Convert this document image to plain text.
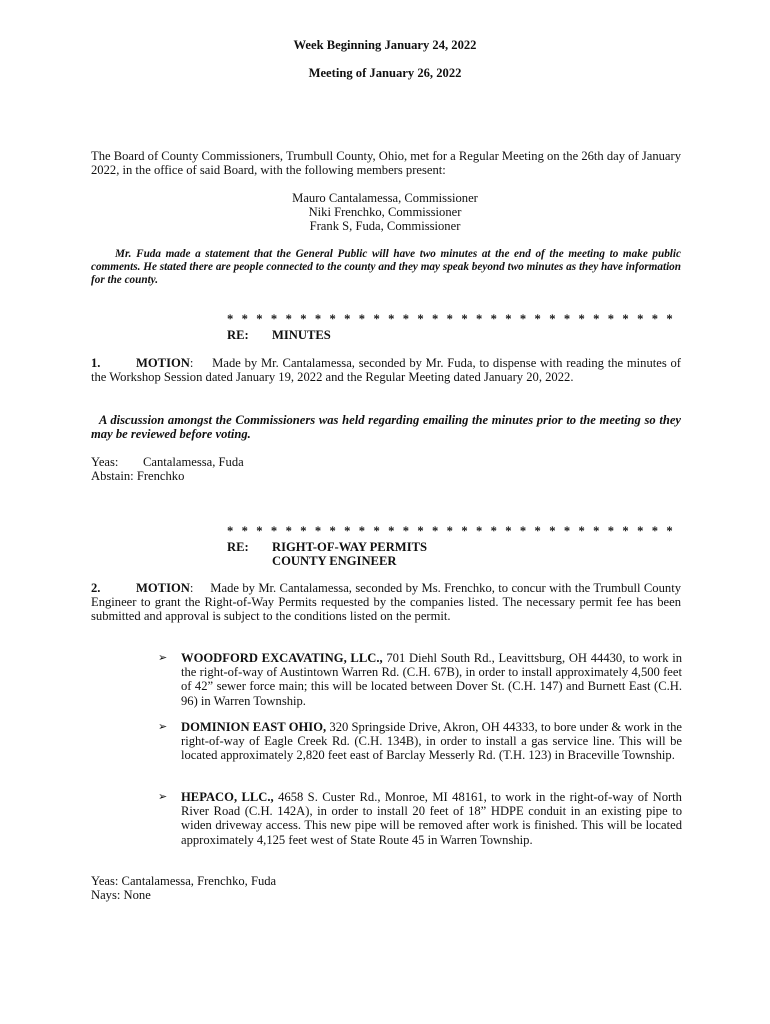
Week Beginning January 24, 2022
Meeting of January 26, 2022
The Board of County Commissioners, Trumbull County, Ohio, met for a Regular Meeting on the 26th day of January 2022, in the office of said Board, with the following members present:
Mauro Cantalamessa, Commissioner
Niki Frenchko, Commissioner
Frank S, Fuda, Commissioner
Mr. Fuda made a statement that the General Public will have two minutes at the end of the meeting to make public comments. He stated there are people connected to the county and they may speak beyond two minutes as they have information for the county.
* * * * * * * * * * * * * * * * * * * * * * * * * * * * * * *
RE: MINUTES
1.	MOTION:     Made by Mr. Cantalamessa, seconded by Mr. Fuda, to dispense with reading the minutes of the Workshop Session dated January 19, 2022 and the Regular Meeting dated January 20, 2022.
A discussion amongst the Commissioners was held regarding emailing the minutes prior to the meeting so they may be reviewed before voting.
Yeas: Cantalamessa, Fuda
Abstain: Frenchko
* * * * * * * * * * * * * * * * * * * * * * * * * * * * * * *
RE: RIGHT-OF-WAY PERMITS
COUNTY ENGINEER
2.	MOTION:     Made by Mr. Cantalamessa, seconded by Ms. Frenchko, to concur with the Trumbull County Engineer to grant the Right-of-Way Permits requested by the companies listed. The necessary permit fee has been submitted and approval is subject to the conditions listed on the permit.
➢	WOODFORD EXCAVATING, LLC., 701 Diehl South Rd., Leavittsburg, OH 44430, to work in the right-of-way of Austintown Warren Rd. (C.H. 67B), in order to install approximately 4,500 feet of 42” sewer force main; this will be located between Dover St. (C.H. 147) and Burnett East (C.H. 96) in Warren Township.
➢	DOMINION EAST OHIO, 320 Springside Drive, Akron, OH 44333, to bore under & work in the right-of-way of Eagle Creek Rd. (C.H. 134B), in order to install a gas service line. This will be located approximately 2,820 feet east of Barclay Messerly Rd. (T.H. 123) in Braceville Township.
➢	HEPACO, LLC., 4658 S. Custer Rd., Monroe, MI 48161, to work in the right-of-way of North River Road (C.H. 142A), in order to install 20 feet of 18” HDPE conduit in an existing pipe to widen driveway access. This new pipe will be removed after work is finished. This will be located approximately 4,125 feet west of State Route 45 in Warren Township.
Yeas: Cantalamessa, Frenchko, Fuda
Nays: None
